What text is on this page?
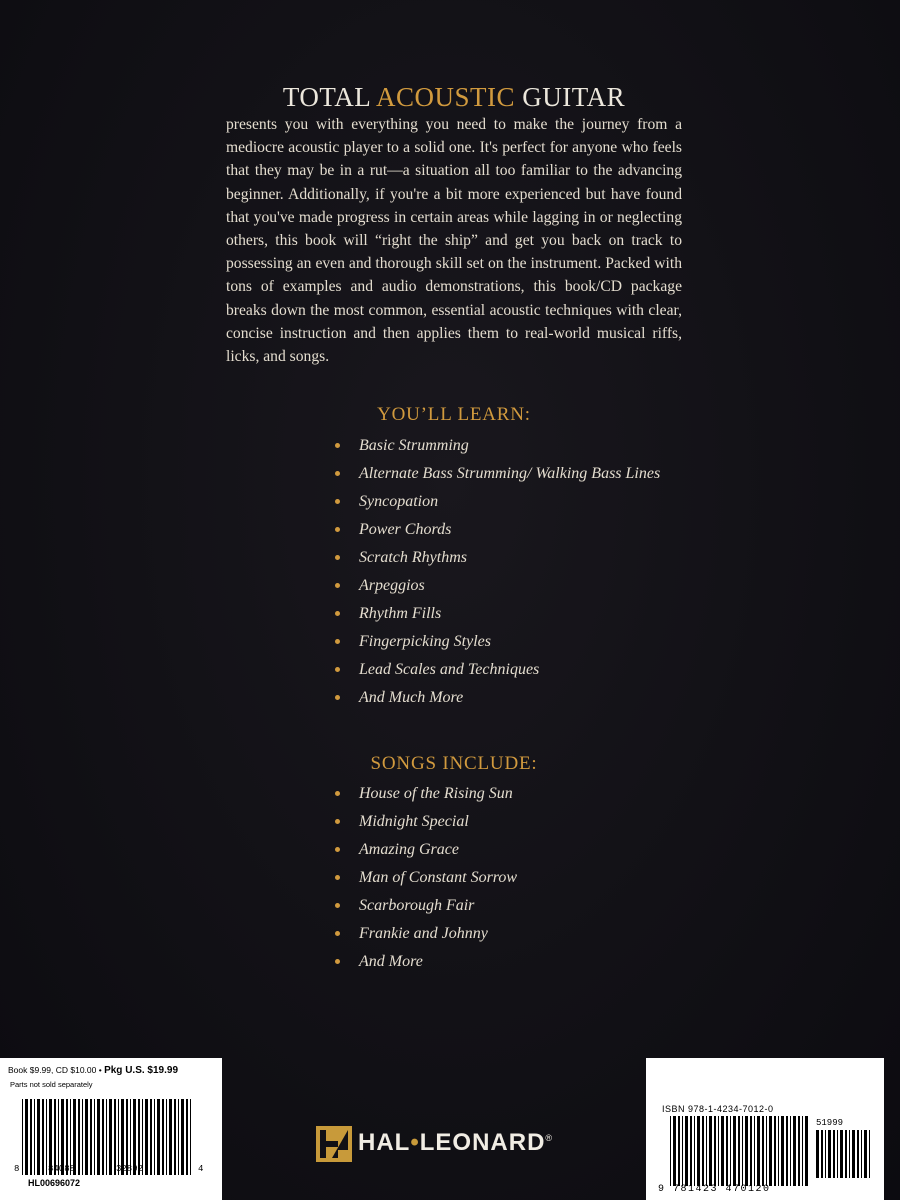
TOTAL ACOUSTIC GUITAR

presents you with everything you need to make the journey from a mediocre acoustic player to a solid one. It's perfect for anyone who feels that they may be in a rut—a situation all too familiar to the advancing beginner. Additionally, if you're a bit more experienced but have found that you've made progress in certain areas while lagging in or neglecting others, this book will “right the ship” and get you back on track to possessing an even and thorough skill set on the instrument. Packed with tons of examples and audio demonstrations, this book/CD package breaks down the most common, essential acoustic techniques with clear, concise instruction and then applies them to real-world musical riffs, licks, and songs.

YOU’LL LEARN:
Basic Strumming
Alternate Bass Strumming/ Walking Bass Lines
Syncopation
Power Chords
Scratch Rhythms
Arpeggios
Rhythm Fills
Fingerpicking Styles
Lead Scales and Techniques
And Much More
SONGS INCLUDE:
House of the Rising Sun
Midnight Special
Amazing Grace
Man of Constant Sorrow
Scarborough Fair
Frankie and Johnny
And More
Book $9.99, CD $10.00 • Pkg U.S. $19.99
Parts not sold separately
8	84088	32892	4
HL00696072
HAL•LEONARD®
ISBN 978-1-4234-7012-0
51999
9 781423 470120
